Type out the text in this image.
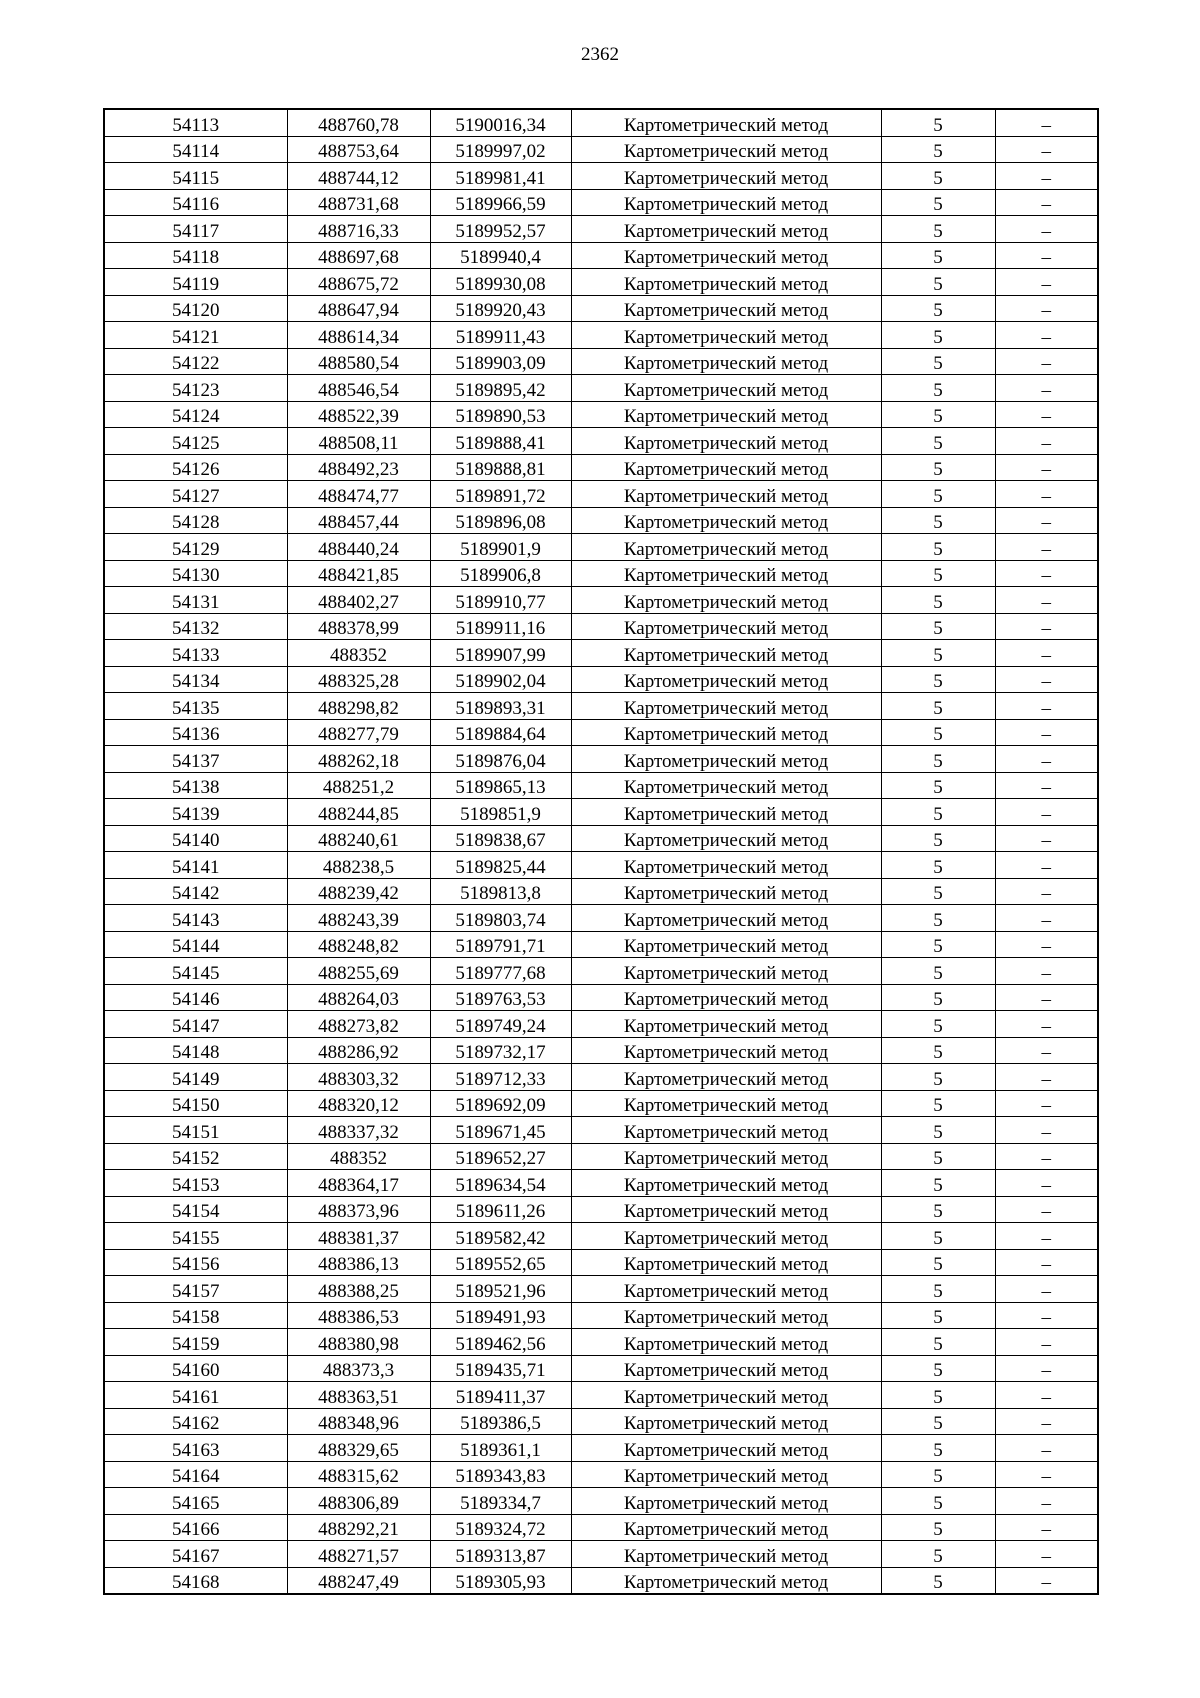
2362
54113	488760,78	5190016,34	Картометрический метод	5	–
54114	488753,64	5189997,02	Картометрический метод	5	–
54115	488744,12	5189981,41	Картометрический метод	5	–
54116	488731,68	5189966,59	Картометрический метод	5	–
54117	488716,33	5189952,57	Картометрический метод	5	–
54118	488697,68	5189940,4	Картометрический метод	5	–
54119	488675,72	5189930,08	Картометрический метод	5	–
54120	488647,94	5189920,43	Картометрический метод	5	–
54121	488614,34	5189911,43	Картометрический метод	5	–
54122	488580,54	5189903,09	Картометрический метод	5	–
54123	488546,54	5189895,42	Картометрический метод	5	–
54124	488522,39	5189890,53	Картометрический метод	5	–
54125	488508,11	5189888,41	Картометрический метод	5	–
54126	488492,23	5189888,81	Картометрический метод	5	–
54127	488474,77	5189891,72	Картометрический метод	5	–
54128	488457,44	5189896,08	Картометрический метод	5	–
54129	488440,24	5189901,9	Картометрический метод	5	–
54130	488421,85	5189906,8	Картометрический метод	5	–
54131	488402,27	5189910,77	Картометрический метод	5	–
54132	488378,99	5189911,16	Картометрический метод	5	–
54133	488352	5189907,99	Картометрический метод	5	–
54134	488325,28	5189902,04	Картометрический метод	5	–
54135	488298,82	5189893,31	Картометрический метод	5	–
54136	488277,79	5189884,64	Картометрический метод	5	–
54137	488262,18	5189876,04	Картометрический метод	5	–
54138	488251,2	5189865,13	Картометрический метод	5	–
54139	488244,85	5189851,9	Картометрический метод	5	–
54140	488240,61	5189838,67	Картометрический метод	5	–
54141	488238,5	5189825,44	Картометрический метод	5	–
54142	488239,42	5189813,8	Картометрический метод	5	–
54143	488243,39	5189803,74	Картометрический метод	5	–
54144	488248,82	5189791,71	Картометрический метод	5	–
54145	488255,69	5189777,68	Картометрический метод	5	–
54146	488264,03	5189763,53	Картометрический метод	5	–
54147	488273,82	5189749,24	Картометрический метод	5	–
54148	488286,92	5189732,17	Картометрический метод	5	–
54149	488303,32	5189712,33	Картометрический метод	5	–
54150	488320,12	5189692,09	Картометрический метод	5	–
54151	488337,32	5189671,45	Картометрический метод	5	–
54152	488352	5189652,27	Картометрический метод	5	–
54153	488364,17	5189634,54	Картометрический метод	5	–
54154	488373,96	5189611,26	Картометрический метод	5	–
54155	488381,37	5189582,42	Картометрический метод	5	–
54156	488386,13	5189552,65	Картометрический метод	5	–
54157	488388,25	5189521,96	Картометрический метод	5	–
54158	488386,53	5189491,93	Картометрический метод	5	–
54159	488380,98	5189462,56	Картометрический метод	5	–
54160	488373,3	5189435,71	Картометрический метод	5	–
54161	488363,51	5189411,37	Картометрический метод	5	–
54162	488348,96	5189386,5	Картометрический метод	5	–
54163	488329,65	5189361,1	Картометрический метод	5	–
54164	488315,62	5189343,83	Картометрический метод	5	–
54165	488306,89	5189334,7	Картометрический метод	5	–
54166	488292,21	5189324,72	Картометрический метод	5	–
54167	488271,57	5189313,87	Картометрический метод	5	–
54168	488247,49	5189305,93	Картометрический метод	5	–
